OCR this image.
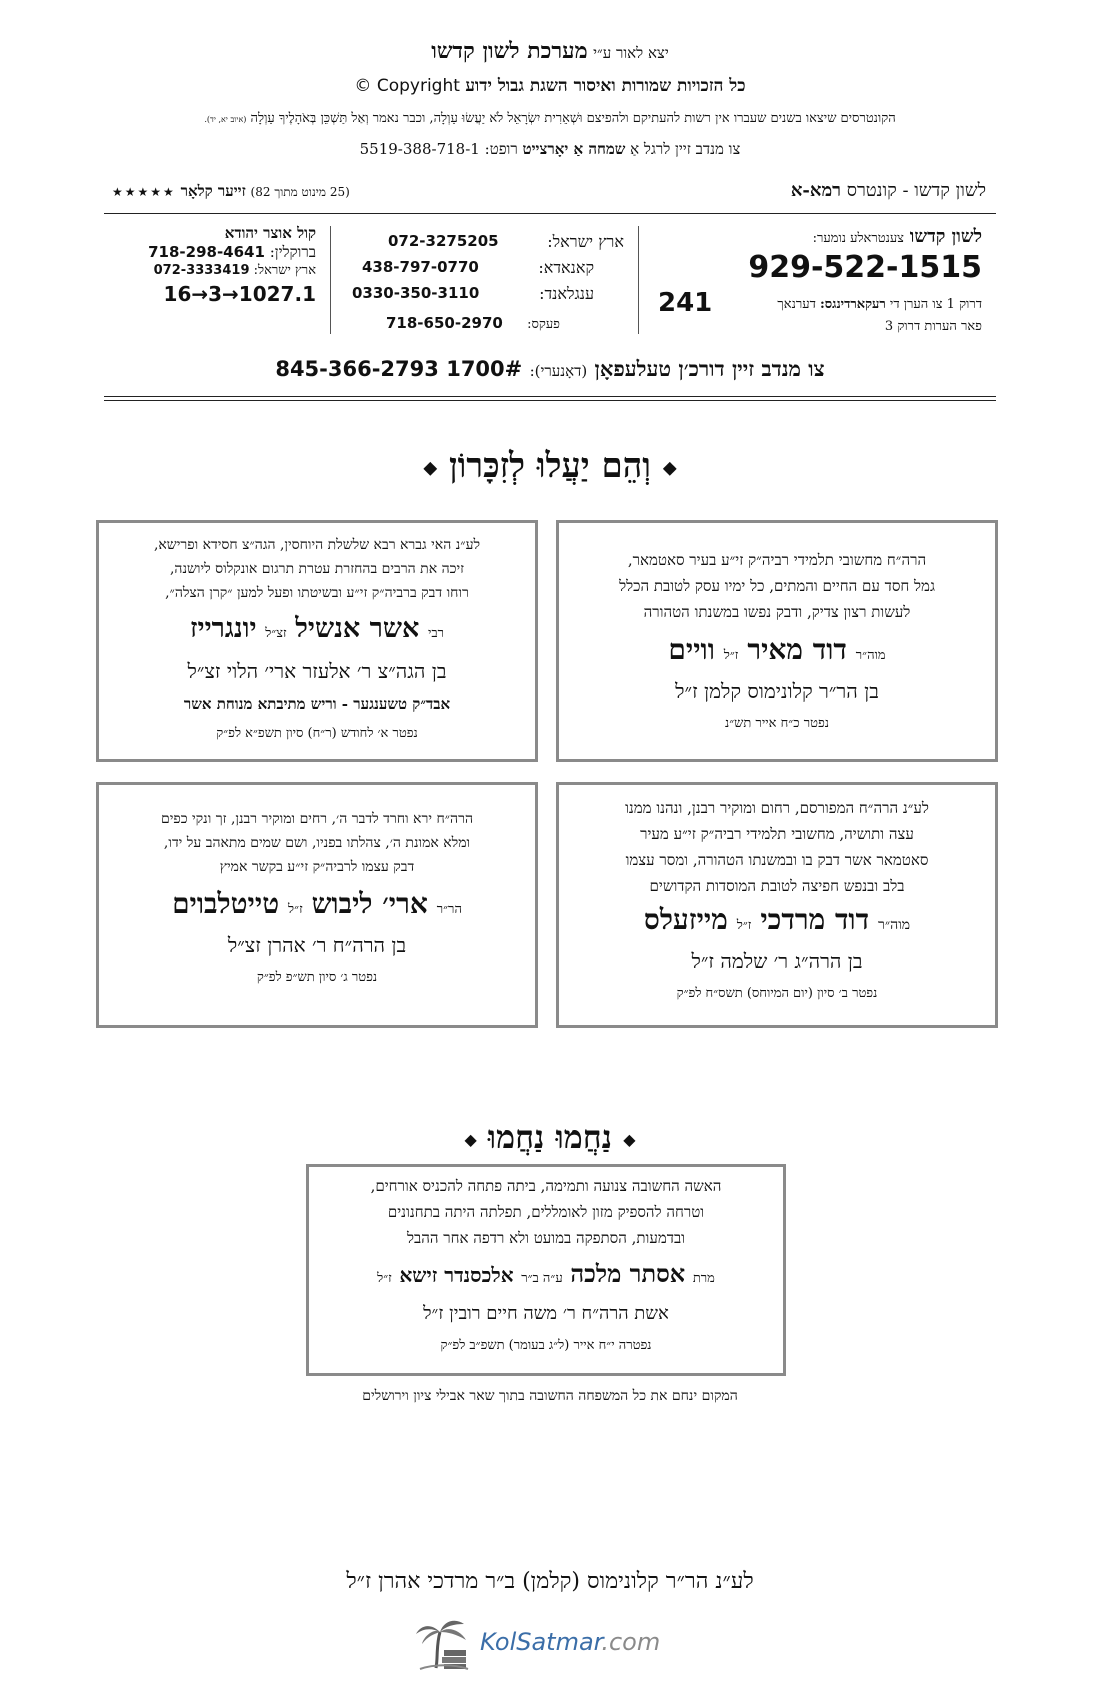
יצא לאור ע״י מערכת לשון קדשו
כל הזכויות שמורות ואיסור השגת גבול ידוע Copyright ©
הקונטרסים שיצאו בשנים שעברו אין רשות להעתיקם ולהפיצם וּשְׁאֵרִית יִשְׂרָאֵל לֹא יַעֲשׂוּ עַוְלָה, וכבר נאמר וְאַל תַּשְׁכֵּן בְּאֹהָלֶיךָ עַוְלָה (איוב יא, יד).
צו מנדב זיין לרגל אַ שמחה אַ יאָרצייט רופט: 5519-388-718-1
לשון קדשו - קונטרס רמא-א
(25 מינוט מתוך 82) זייער קלאָר ★★★★★
לשון קדשו צענטראלע נומער:
929-522-1515
דרוק 1 צו הערן די רעקארדינגס: דערנאך
241
פאר הערות דרוק 3
ארץ ישראל:
072-3275205
קאנאדא:
438-797-0770
ענגלאנד:
0330-350-3110
פעקס:
718-650-2970
קול אוצר יהודא
ברוקלין: 718-298-4641
ארץ ישראל: 072-3333419
16→3→1027.1
צו מנדב זיין דורכ׳ן טעלעפאָן (דאָנערי): 1700# 845-366-2793
◆ וְהֵם יַעֲלוּ לְזִכָּרוֹן ◆
הרה״ח מחשובי תלמידי רביה״ק זי״ע בעיר סאטמאר,
גמל חסד עם החיים והמתים, כל ימיו עסק לטובת הכלל
לעשות רצון צדיק, ודבק נפשו במשנתו הטהורה
מוה״ר דוד מאיר ז״ל וויים
בן הר״ר קלונימוס קלמן ז״ל
נפטר כ״ח אייר תש״נ
לע״נ האי גברא רבא שלשלת היוחסין, הגה״צ חסידא ופרישא,
זיכה את הרבים בהחזרת עטרת תרגום אונקלוס ליושנה,
רוחו דבק ברביה״ק זי״ע ובשיטתו ופעל למען ״קרן הצלה״,
רבי אשר אנשיל זצ״ל יונגרייז
בן הגה״צ ר׳ אלעזר ארי׳ הלוי זצ״ל
אבד״ק טשענגער - וריש מתיבתא מנוחת אשר
נפטר א׳ לחודש (ר״ח) סיון תשפ״א לפ״ק
לע״נ הרה״ח המפורסם, רחום ומוקיר רבנן, ונהנו ממנו
עצה ותושיה, מחשובי תלמידי רביה״ק זי״ע מעיר
סאטמאר אשר דבק בו ובמשנתו הטהורה, ומסר עצמו
בלב ובנפש חפיצה לטובת המוסדות הקדושים
מוה״ר דוד מרדכי ז״ל מייזעלס
בן הרה״ג ר׳ שלמה ז״ל
נפטר ב׳ סיון (יום המיוחס) תשס״ח לפ״ק
הרה״ח ירא וחרד לדבר ה׳, רחים ומוקיר רבנן, זך ונקי כפים
ומלא אמונת ה׳, צהלתו בפניו, ושם שמים מתאהב על ידו,
דבק עצמו לרביה״ק זי״ע בקשר אמיץ
הר״ר ארי׳ ליבוש ז״ל טייטלבוים
בן הרה״ח ר׳ אהרן זצ״ל
נפטר ג׳ סיון תש״פ לפ״ק
◆ נַחֲמוּ נַחֲמוּ ◆
האשה החשובה צנועה ותמימה, ביתה פתחה להכניס אורחים,
וטרחה להספיק מזון לאומללים, תפלתה היתה בתחנונים
ובדמעות, הסתפקה במועט ולא רדפה אחר ההבל
מרת אסתר מלכה ע״ה ב״ר אלכסנדר זישא ז״ל
אשת הרה״ח ר׳ משה חיים רובין ז״ל
נפטרה י״ח אייר (ל״ג בעומר) תשפ״ב לפ״ק
המקום ינחם את כל המשפחה החשובה בתוך שאר אבילי ציון וירושלים
לע״נ הר״ר קלונימוס (קלמן) ב״ר מרדכי אהרן ז״ל
KolSatmar.com
